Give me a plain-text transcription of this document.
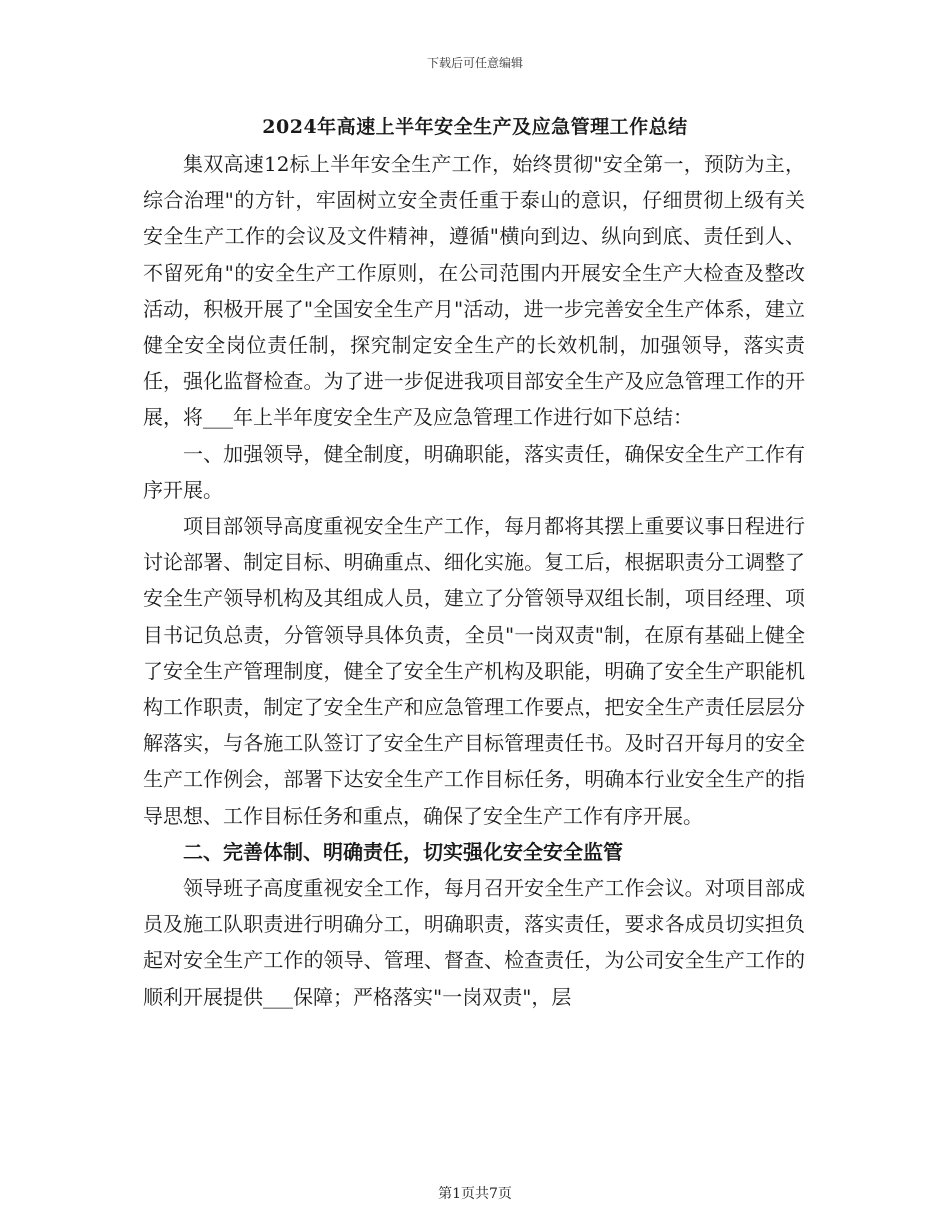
下载后可任意编辑
2024年高速上半年安全生产及应急管理工作总结

集双高速12标上半年安全生产工作，始终贯彻"安全第一，预防为主，综合治理"的方针，牢固树立安全责任重于泰山的意识，仔细贯彻上级有关安全生产工作的会议及文件精神，遵循"横向到边、纵向到底、责任到人、不留死角"的安全生产工作原则，在公司范围内开展安全生产大检查及整改活动，积极开展了"全国安全生产月"活动，进一步完善安全生产体系，建立健全安全岗位责任制，探究制定安全生产的长效机制，加强领导，落实责任，强化监督检查。为了进一步促进我项目部安全生产及应急管理工作的开展，将___年上半年度安全生产及应急管理工作进行如下总结：

一、加强领导，健全制度，明确职能，落实责任，确保安全生产工作有序开展。

项目部领导高度重视安全生产工作，每月都将其摆上重要议事日程进行讨论部署、制定目标、明确重点、细化实施。复工后，根据职责分工调整了安全生产领导机构及其组成人员，建立了分管领导双组长制，项目经理、项目书记负总责，分管领导具体负责，全员"一岗双责"制，在原有基础上健全了安全生产管理制度，健全了安全生产机构及职能，明确了安全生产职能机构工作职责，制定了安全生产和应急管理工作要点，把安全生产责任层层分解落实，与各施工队签订了安全生产目标管理责任书。及时召开每月的安全生产工作例会，部署下达安全生产工作目标任务，明确本行业安全生产的指导思想、工作目标任务和重点，确保了安全生产工作有序开展。

二、完善体制、明确责任，切实强化安全安全监管

领导班子高度重视安全工作，每月召开安全生产工作会议。对项目部成员及施工队职责进行明确分工，明确职责，落实责任，要求各成员切实担负起对安全生产工作的领导、管理、督查、检查责任，为公司安全生产工作的顺利开展提供___保障；严格落实"一岗双责"，层

第1页共7页
